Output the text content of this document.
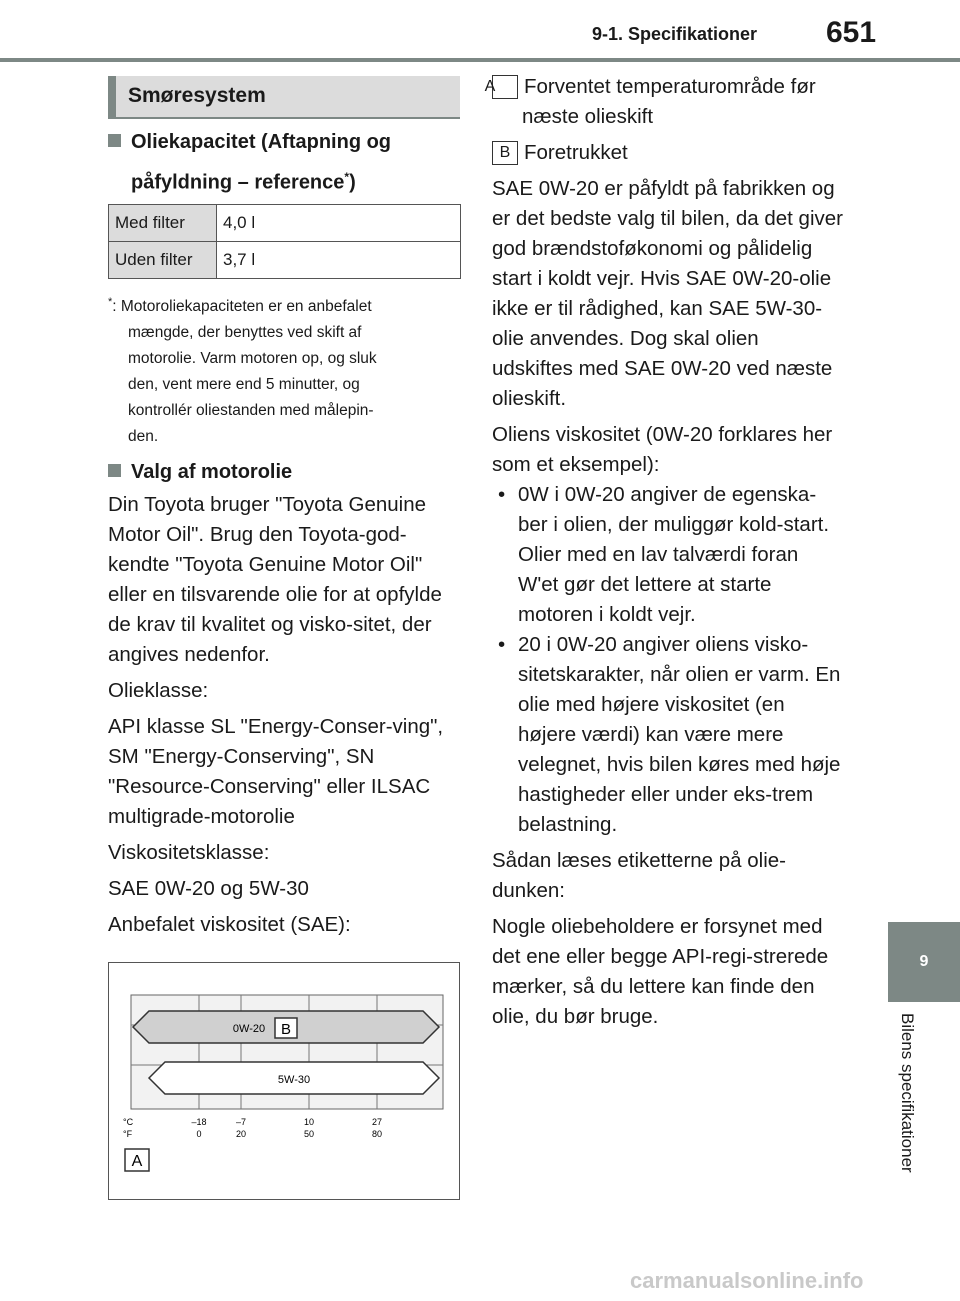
9-1. Specifikationer 651
9
Bilens specifikationer
Smøresystem
Oliekapacitet (Aftapning og
påfyldning – reference*)
Med filter	4,0 l
Uden filter	3,7 l
*: Motoroliekapaciteten er en anbefalet
mængde, der benyttes ved skift af
motorolie. Varm motoren op, og sluk
den, vent mere end 5 minutter, og
kontrollér oliestanden med målepin-
den.
Valg af motorolie

Din Toyota bruger "Toyota Genuine Motor Oil". Brug den Toyota-god-kendte "Toyota Genuine Motor Oil" eller en tilsvarende olie for at opfylde de krav til kvalitet og visko-sitet, der angives nedenfor.

Olieklasse:

API klasse SL "Energy-Conser-ving", SM "Energy-Conserving", SN "Resource-Conserving" eller ILSAC multigrade-motorolie

Viskositetsklasse:

SAE 0W-20 og 5W-30

Anbefalet viskositet (SAE):

0W-20 B
5W-30
°C
°F
–18	–7	10	27
0	20	50	80
A

A Forventet temperaturområde før næste olieskift

B Foretrukket

SAE 0W-20 er påfyldt på fabrikken og er det bedste valg til bilen, da det giver god brændstoføkonomi og pålidelig start i koldt vejr. Hvis SAE 0W-20-olie ikke er til rådighed, kan SAE 5W-30-olie anvendes. Dog skal olien udskiftes med SAE 0W-20 ved næste olieskift.

Oliens viskositet (0W-20 forklares her som et eksempel):

• 0W i 0W-20 angiver de egenska-ber i olien, der muliggør kold-start. Olier med en lav talværdi foran W'et gør det lettere at starte motoren i koldt vejr.
• 20 i 0W-20 angiver oliens visko-sitetskarakter, når olien er varm. En olie med højere viskositet (en højere værdi) kan være mere velegnet, hvis bilen køres med høje hastigheder eller under eks-trem belastning.

Sådan læses etiketterne på olie-dunken:

Nogle oliebeholdere er forsynet med det ene eller begge API-regi-strerede mærker, så du lettere kan finde den olie, du bør bruge.

carmanualsonline.info
